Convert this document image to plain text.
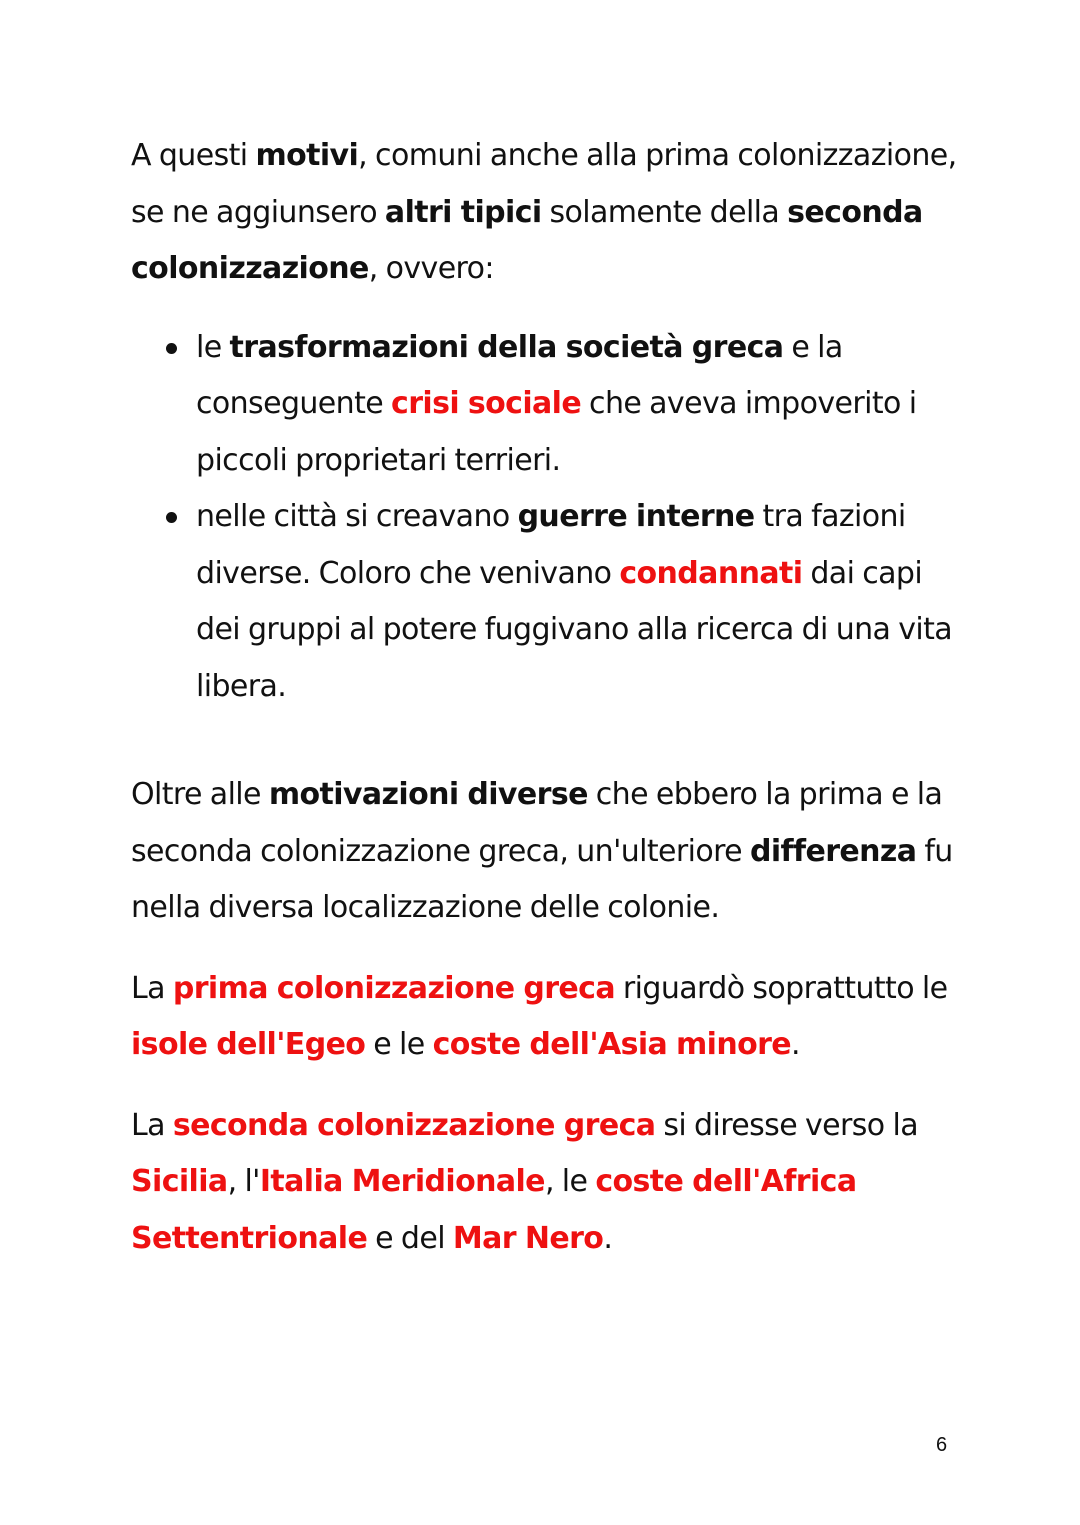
A questi motivi, comuni anche alla prima colonizzazione, se ne aggiunsero altri tipici solamente della seconda colonizzazione, ovvero:

le trasformazioni della società greca e la conseguente crisi sociale che aveva impoverito i piccoli proprietari terrieri.
nelle città si creavano guerre interne tra fazioni diverse. Coloro che venivano condannati dai capi dei gruppi al potere fuggivano alla ricerca di una vita libera.

Oltre alle motivazioni diverse che ebbero la prima e la seconda colonizzazione greca, un'ulteriore differenza fu nella diversa localizzazione delle colonie.

La prima colonizzazione greca riguardò soprattutto le isole dell'Egeo e le coste dell'Asia minore.

La seconda colonizzazione greca si diresse verso la Sicilia, l'Italia Meridionale, le coste dell'Africa Settentrionale e del Mar Nero.

6
